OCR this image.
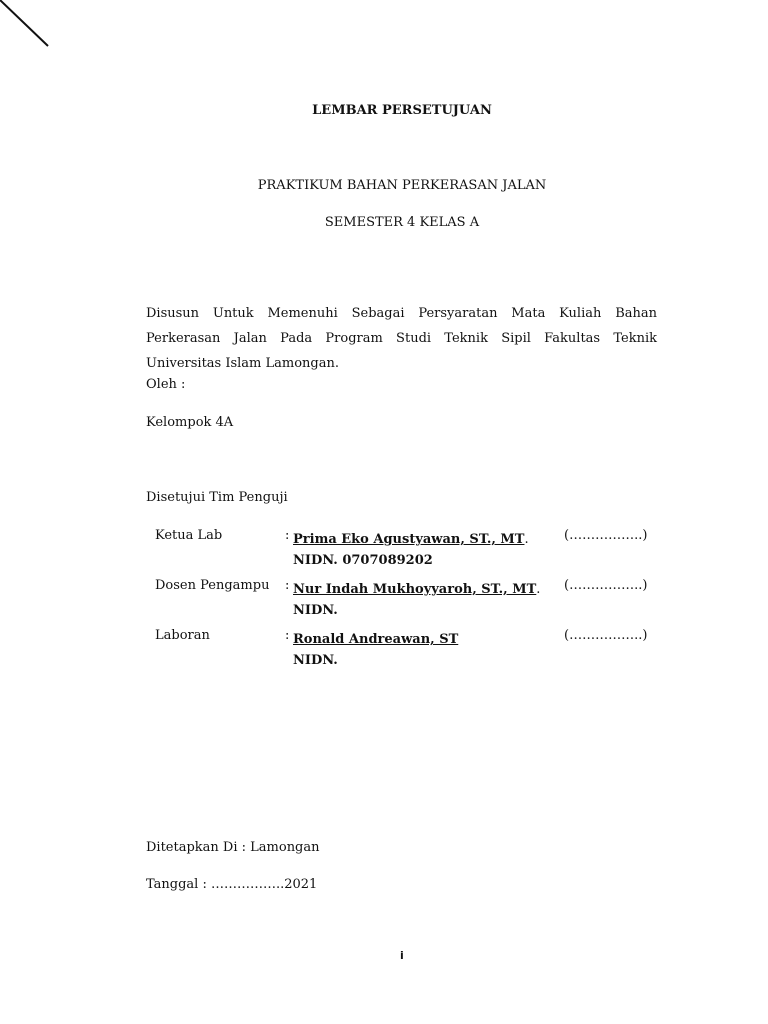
LEMBAR PERSETUJUAN
PRAKTIKUM BAHAN PERKERASAN JALAN
SEMESTER 4 KELAS A

Disusun Untuk Memenuhi Sebagai Persyaratan Mata Kuliah Bahan Perkerasan Jalan Pada Program Studi Teknik Sipil Fakultas Teknik Universitas Islam Lamongan.

Oleh :
Kelompok 4A
Disetujui Tim Penguji
Ketua Lab	: Prima Eko Agustyawan, ST., MT.	(……………..)
NIDN. 0707089202
Dosen Pengampu : Nur Indah Mukhoyyaroh, ST., MT. (……………..)
NIDN.
Laboran	: Ronald Andreawan, ST	(……………..)
NIDN.
Ditetapkan Di : Lamongan
Tanggal : ……………..2021
i
